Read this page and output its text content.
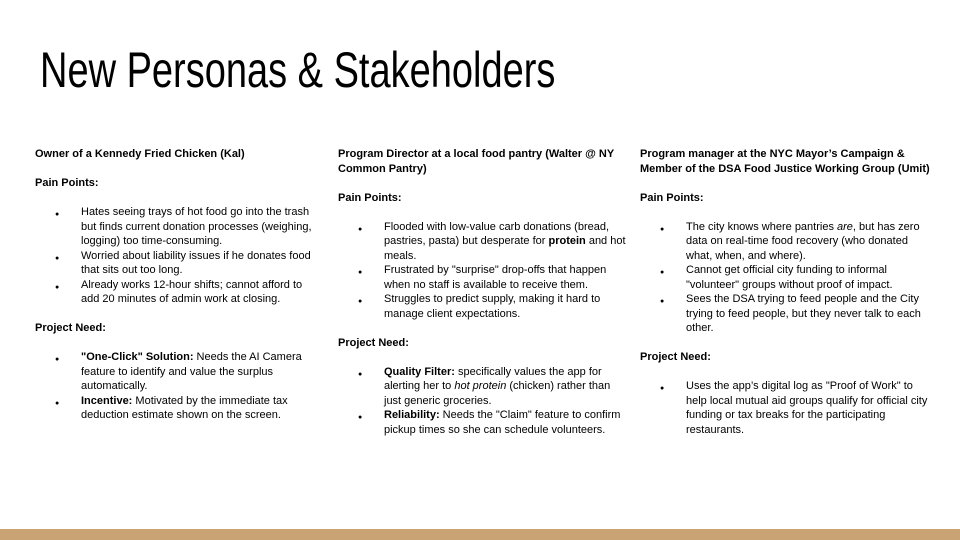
New Personas & Stakeholders

Owner of a Kennedy Fried Chicken (Kal)

Pain Points:

● Hates seeing trays of hot food go into the trash but finds current donation processes (weighing, logging) too time-consuming.
● Worried about liability issues if he donates food that sits out too long.
● Already works 12-hour shifts; cannot afford to add 20 minutes of admin work at closing.

Project Need:

● "One-Click" Solution: Needs the AI Camera feature to identify and value the surplus automatically.
● Incentive: Motivated by the immediate tax deduction estimate shown on the screen.

Program Director at a local food pantry (Walter @ NY Common Pantry)

Pain Points:

● Flooded with low-value carb donations (bread, pastries, pasta) but desperate for protein and hot meals.
● Frustrated by "surprise" drop-offs that happen when no staff is available to receive them.
● Struggles to predict supply, making it hard to manage client expectations.

Project Need:

● Quality Filter: specifically values the app for alerting her to hot protein (chicken) rather than just generic groceries.
● Reliability: Needs the "Claim" feature to confirm pickup times so she can schedule volunteers.

Program manager at the NYC Mayor’s Campaign & Member of the DSA Food Justice Working Group (Umit)

Pain Points:

● The city knows where pantries are, but has zero data on real-time food recovery (who donated what, when, and where).
● Cannot get official city funding to informal "volunteer" groups without proof of impact.
● Sees the DSA trying to feed people and the City trying to feed people, but they never talk to each other.

Project Need:

● Uses the app’s digital log as "Proof of Work" to help local mutual aid groups qualify for official city funding or tax breaks for the participating restaurants.
